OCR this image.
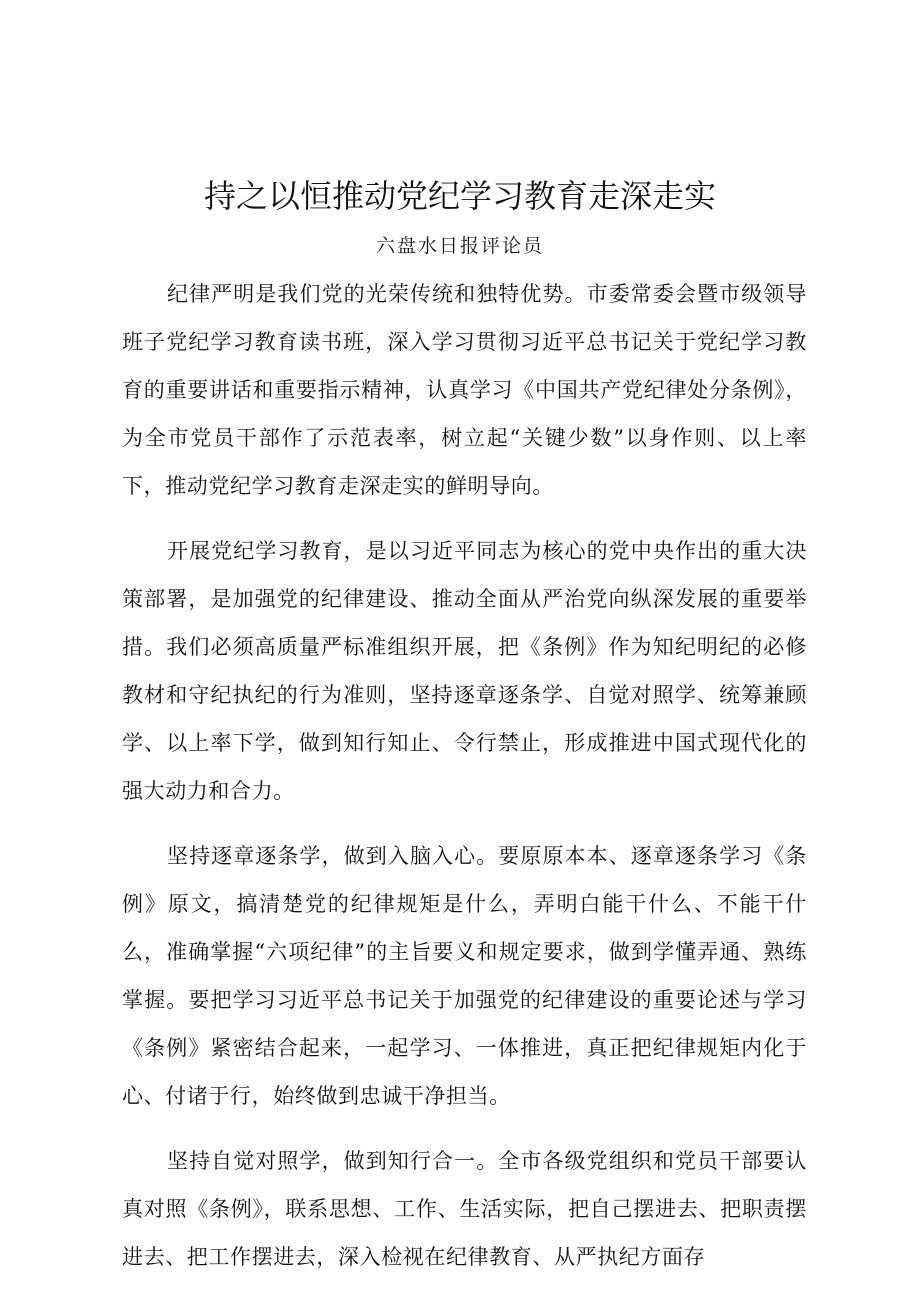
持之以恒推动党纪学习教育走深走实
六盘水日报评论员

纪律严明是我们党的光荣传统和独特优势。市委常委会暨市级领导班子党纪学习教育读书班，深入学习贯彻习近平总书记关于党纪学习教育的重要讲话和重要指示精神，认真学习《中国共产党纪律处分条例》，为全市党员干部作了示范表率，树立起“关键少数”以身作则、以上率下，推动党纪学习教育走深走实的鲜明导向。

开展党纪学习教育，是以习近平同志为核心的党中央作出的重大决策部署，是加强党的纪律建设、推动全面从严治党向纵深发展的重要举措。我们必须高质量严标准组织开展，把《条例》作为知纪明纪的必修教材和守纪执纪的行为准则，坚持逐章逐条学、自觉对照学、统筹兼顾学、以上率下学，做到知行知止、令行禁止，形成推进中国式现代化的强大动力和合力。

坚持逐章逐条学，做到入脑入心。要原原本本、逐章逐条学习《条例》原文，搞清楚党的纪律规矩是什么，弄明白能干什么、不能干什么，准确掌握“六项纪律”的主旨要义和规定要求，做到学懂弄通、熟练掌握。要把学习习近平总书记关于加强党的纪律建设的重要论述与学习《条例》紧密结合起来，一起学习、一体推进，真正把纪律规矩内化于心、付诸于行，始终做到忠诚干净担当。

坚持自觉对照学，做到知行合一。全市各级党组织和党员干部要认真对照《条例》，联系思想、工作、生活实际，把自己摆进去、把职责摆进去、把工作摆进去，深入检视在纪律教育、从严执纪方面存
